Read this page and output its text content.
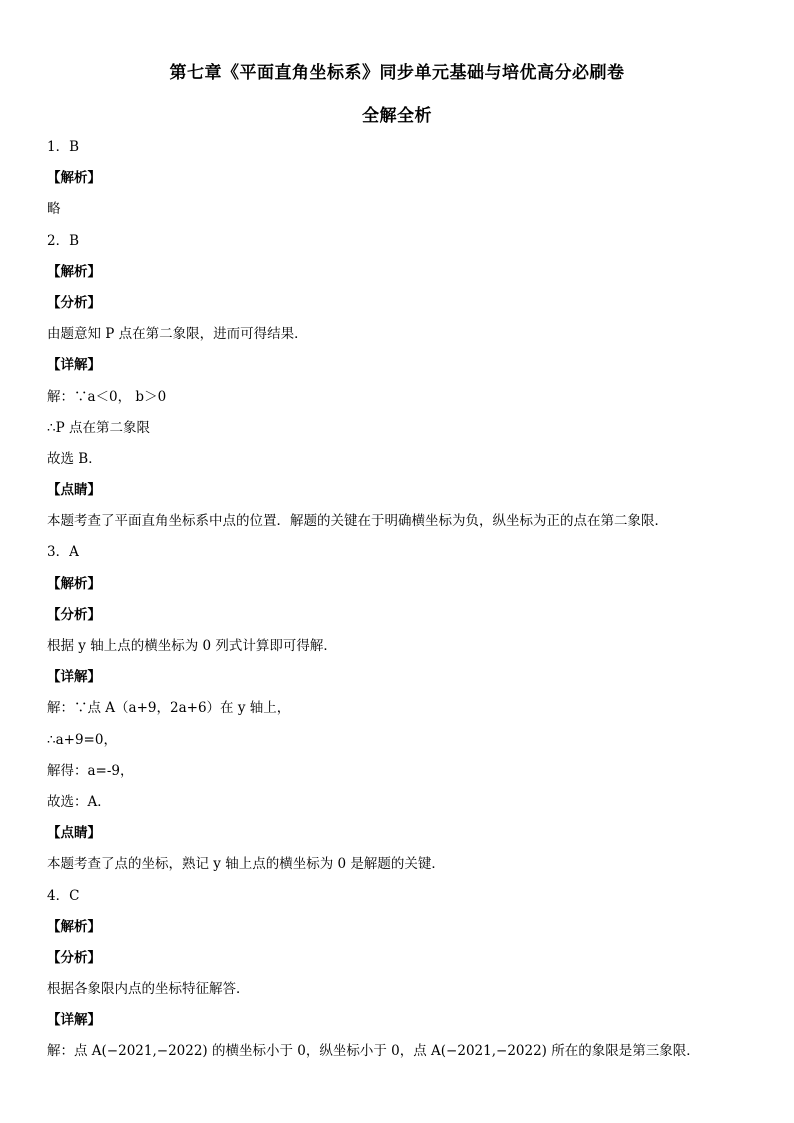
第七章《平面直角坐标系》同步单元基础与培优高分必刷卷
全解全析
1．B
【解析】
略
2．B
【解析】
【分析】
由题意知 P 点在第二象限，进而可得结果．
【详解】
解：∵a＜0， b＞0
∴P 点在第二象限
故选 B．
【点睛】
本题考查了平面直角坐标系中点的位置．解题的关键在于明确横坐标为负，纵坐标为正的点在第二象限．
3．A
【解析】
【分析】
根据 y 轴上点的横坐标为 0 列式计算即可得解．
【详解】
解：∵点 A（a+9，2a+6）在 y 轴上，
∴a+9=0，
解得：a=-9，
故选：A．
【点睛】
本题考查了点的坐标，熟记 y 轴上点的横坐标为 0 是解题的关键．
4．C
【解析】
【分析】
根据各象限内点的坐标特征解答．
【详解】
解：点 A(−2021,−2022) 的横坐标小于 0，纵坐标小于 0，点 A(−2021,−2022) 所在的象限是第三象限．
